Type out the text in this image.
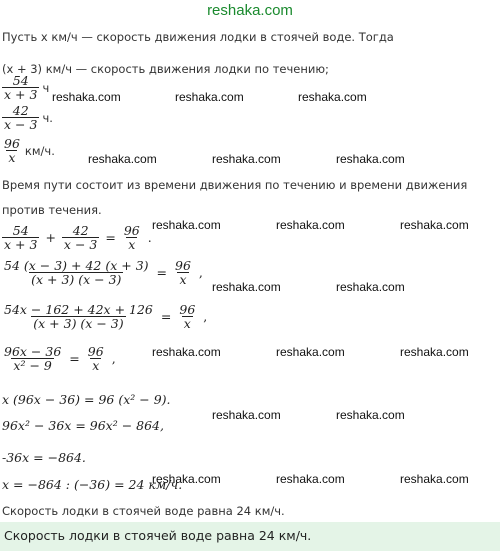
reshaka.com
Пусть x км/ч — скорость движения лодки в стоячей воде. Тогда
(x + 3) км/ч — скорость движения лодки по течению;
$\frac{54}{x + 3}$ ч
$\frac{42}{x - 3} ч$.
$\frac{96}{x} км/ч$.
Время пути состоит из времени движения по течению и времени движения
против течения.
$\frac{54}{x + 3} + \frac{42}{x - 3} = \frac{96}{x}$ .
$\frac{54 (x - 3) + 42 (x + 3)}{(x + 3) (x - 3)} = \frac{96}{x}$ ,
$\frac{54x - 162 + 42x + 126}{(x + 3) (x - 3)} = \frac{96}{x}$ ,
$\frac{96x - 36}{\text{x² − 9}} = \frac{96}{x}$ ,
x (96x − 36) = 96 (x² − 9).
96x² − 36x = 96x² − 864,
-36x = −864.
x = −864 : (−36) = 24 км/ч.
Скорость лодки в стоячей воде равна 24 км/ч.
Скорость лодки в стоячей воде равна 24 км/ч.
reshaka.com	reshaka.com	reshaka.com
reshaka.com	reshaka.com	reshaka.com
reshaka.com	reshaka.com	reshaka.com
reshaka.com	reshaka.com
reshaka.com	reshaka.com	reshaka.com
reshaka.com	reshaka.com
reshaka.com	reshaka.com	reshaka.com
